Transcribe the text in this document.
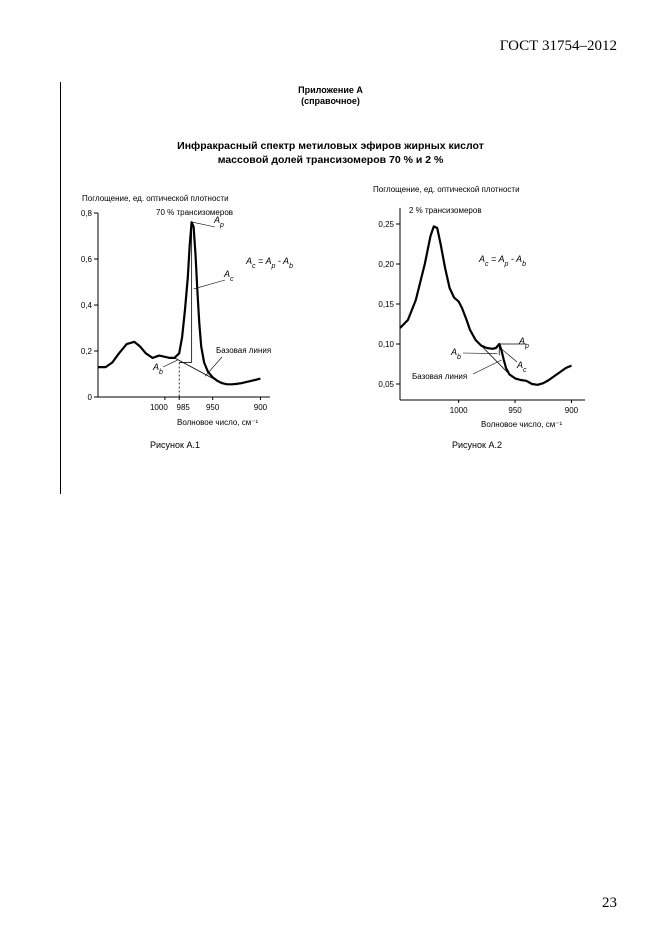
ГОСТ 31754–2012
Приложение А
(справочное)
Инфракрасный спектр метиловых эфиров жирных кислот
массовой долей трансизомеров 70 % и 2 %
Поглощение, ед. оптической плотности
0
0,2
0,4
0,6
0,8
1000 985 950	900
Волновое число, см⁻¹
70 % трансизомеров
$A_p$
$A_c = A_p - A_b$
$A_c$
Базовая линия
$A_b$
Поглощение, ед. оптической плотности
0,05
0,10
0,15
0,20
0,25
1000	950	900
Волновое число, см⁻¹
2 % трансизомеров
$A_c = A_p - A_b$
$A_p$
$A_b$
$A_c$
Базовая линия
Рисунок А.1	Рисунок А.2
23
